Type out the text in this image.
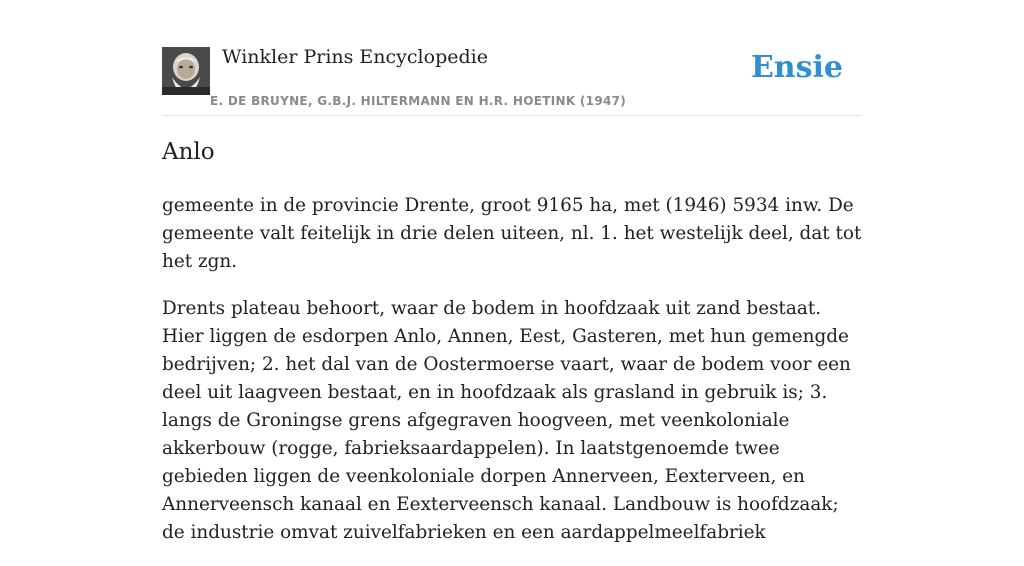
Winkler Prins Encyclopedie
E. DE BRUYNE, G.B.J. HILTERMANN EN H.R. HOETINK (1947)
Ensie
Anlo

gemeente in de provincie Drente, groot 9165 ha, met (1946) 5934 inw. De gemeente valt feitelijk in drie delen uiteen, nl. 1. het westelijk deel, dat tot het zgn.

Drents plateau behoort, waar de bodem in hoofdzaak uit zand bestaat. Hier liggen de esdorpen Anlo, Annen, Eest, Gasteren, met hun gemengde bedrijven; 2. het dal van de Oostermoerse vaart, waar de bodem voor een deel uit laagveen bestaat, en in hoofdzaak als grasland in gebruik is; 3. langs de Groningse grens afgegraven hoogveen, met veenkoloniale akkerbouw (rogge, fabrieksaardappelen). In laatstgenoemde twee gebieden liggen de veenkoloniale dorpen Annerveen, Eexterveen, en Annerveensch kanaal en Eexterveensch kanaal. Landbouw is hoofdzaak; de industrie omvat zuivelfabrieken en een aardappelmeelfabriek
